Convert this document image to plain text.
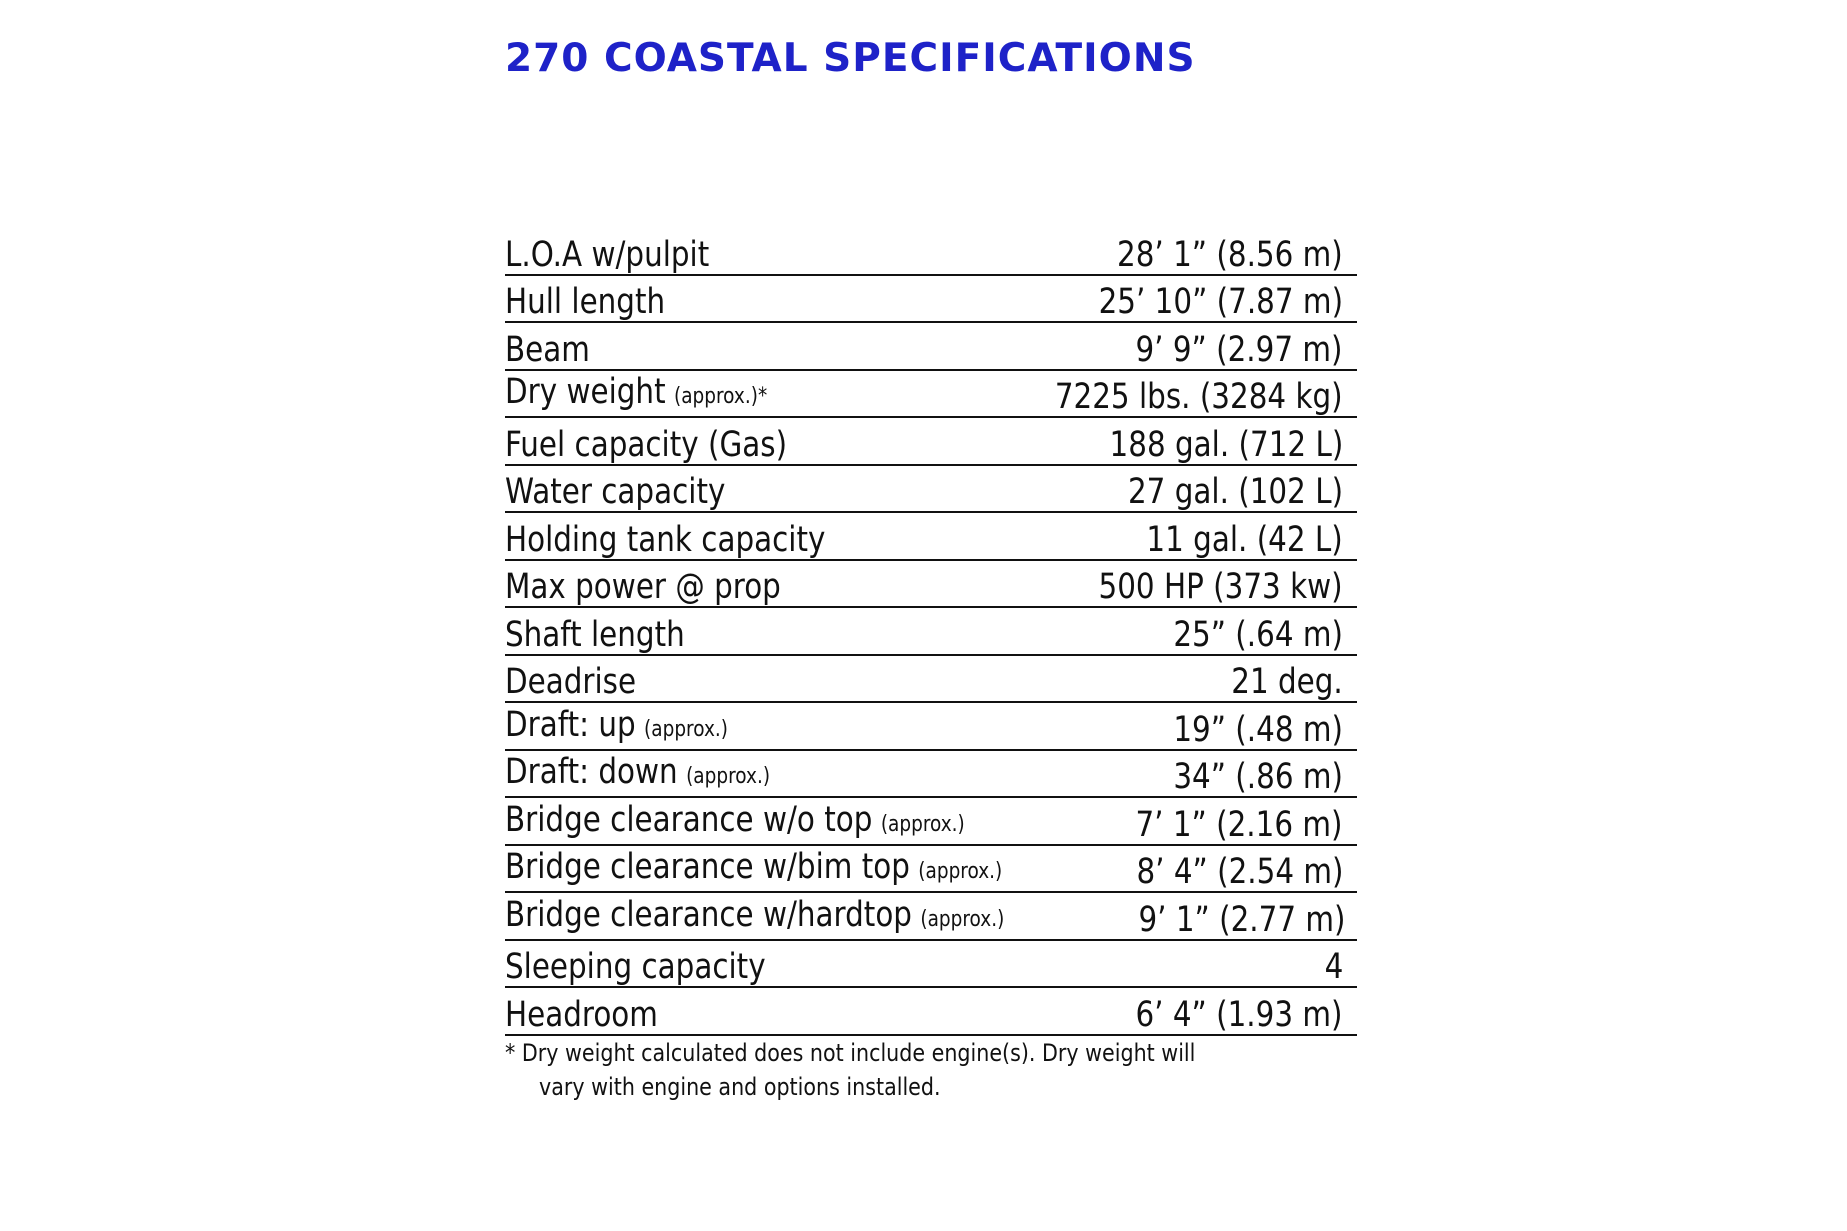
270 COASTAL SPECIFICATIONS
L.O.A w/pulpit	28’ 1” (8.56 m)
Hull length	25’ 10” (7.87 m)
Beam	9’ 9” (2.97 m)
Dry weight (approx.)*	7225 lbs. (3284 kg)
Fuel capacity (Gas)	188 gal. (712 L)
Water capacity	27 gal. (102 L)
Holding tank capacity	11 gal. (42 L)
Max power @ prop	500 HP (373 kw)
Shaft length	25” (.64 m)
Deadrise	21 deg.
Draft: up (approx.)	19” (.48 m)
Draft: down (approx.)	34” (.86 m)
Bridge clearance w/o top (approx.)	7’ 1” (2.16 m)
Bridge clearance w/bim top (approx.)	8’ 4” (2.54 m)
Bridge clearance w/hardtop (approx.)	9’ 1” (2.77 m)
Sleeping capacity	4
Headroom	6’ 4” (1.93 m)
* Dry weight calculated does not include engine(s). Dry weight will
vary with engine and options installed.
